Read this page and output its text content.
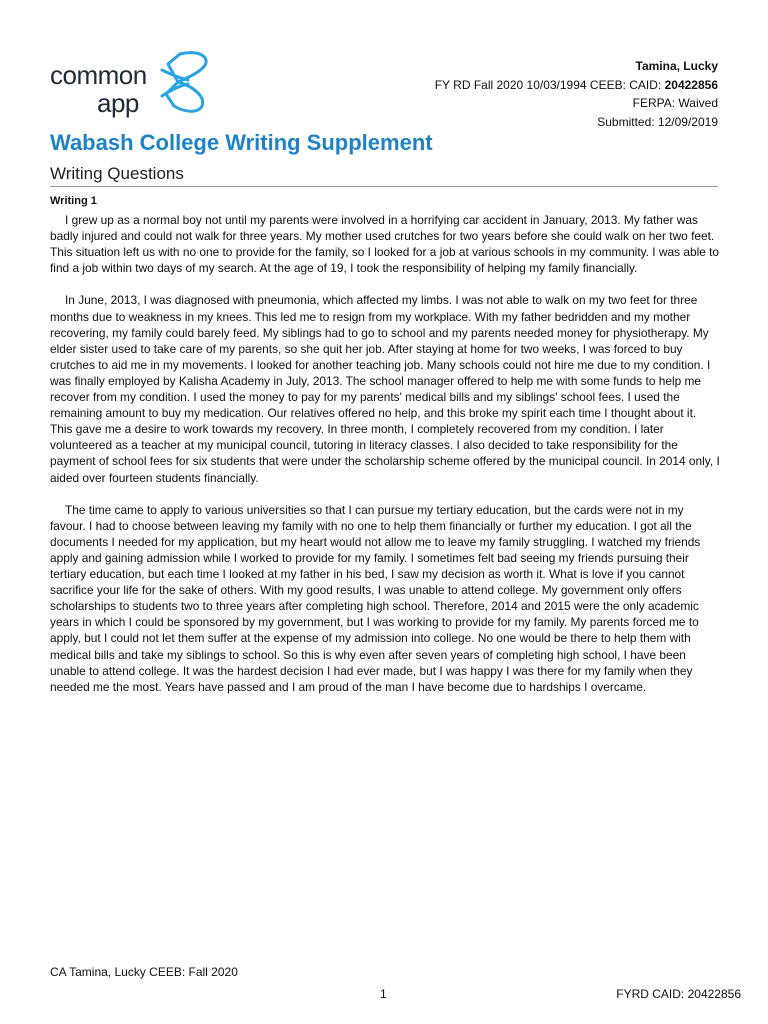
common
app
Tamina, Lucky
FY RD Fall 2020 10/03/1994 CEEB: CAID: 20422856
FERPA: Waived
Submitted: 12/09/2019
Wabash College Writing Supplement
Writing Questions
Writing 1

I grew up as a normal boy not until my parents were involved in a horrifying car accident in January, 2013. My father was badly injured and could not walk for three years. My mother used crutches for two years before she could walk on her two feet. This situation left us with no one to provide for the family, so I looked for a job at various schools in my community. I was able to find a job within two days of my search. At the age of 19, I took the responsibility of helping my family financially.

In June, 2013, I was diagnosed with pneumonia, which affected my limbs. I was not able to walk on my two feet for three months due to weakness in my knees. This led me to resign from my workplace. With my father bedridden and my mother recovering, my family could barely feed. My siblings had to go to school and my parents needed money for physiotherapy. My elder sister used to take care of my parents, so she quit her job. After staying at home for two weeks, I was forced to buy crutches to aid me in my movements. I looked for another teaching job. Many schools could not hire me due to my condition. I was finally employed by Kalisha Academy in July, 2013. The school manager offered to help me with some funds to help me recover from my condition. I used the money to pay for my parents' medical bills and my siblings' school fees. I used the remaining amount to buy my medication. Our relatives offered no help, and this broke my spirit each time I thought about it. This gave me a desire to work towards my recovery. In three month, I completely recovered from my condition. I later volunteered as a teacher at my municipal council, tutoring in literacy classes. I also decided to take responsibility for the payment of school fees for six students that were under the scholarship scheme offered by the municipal council. In 2014 only, I aided over fourteen students financially.

The time came to apply to various universities so that I can pursue my tertiary education, but the cards were not in my favour. I had to choose between leaving my family with no one to help them financially or further my education. I got all the documents I needed for my application, but my heart would not allow me to leave my family struggling. I watched my friends apply and gaining admission while I worked to provide for my family. I sometimes felt bad seeing my friends pursuing their tertiary education, but each time I looked at my father in his bed, I saw my decision as worth it. What is love if you cannot sacrifice your life for the sake of others. With my good results, I was unable to attend college. My government only offers scholarships to students two to three years after completing high school. Therefore, 2014 and 2015 were the only academic years in which I could be sponsored by my government, but I was working to provide for my family. My parents forced me to apply, but I could not let them suffer at the expense of my admission into college. No one would be there to help them with medical bills and take my siblings to school. So this is why even after seven years of completing high school, I have been unable to attend college. It was the hardest decision I had ever made, but I was happy I was there for my family when they needed me the most. Years have passed and I am proud of the man I have become due to hardships I overcame.

CA Tamina, Lucky CEEB: Fall 2020
1	FYRD CAID: 20422856
